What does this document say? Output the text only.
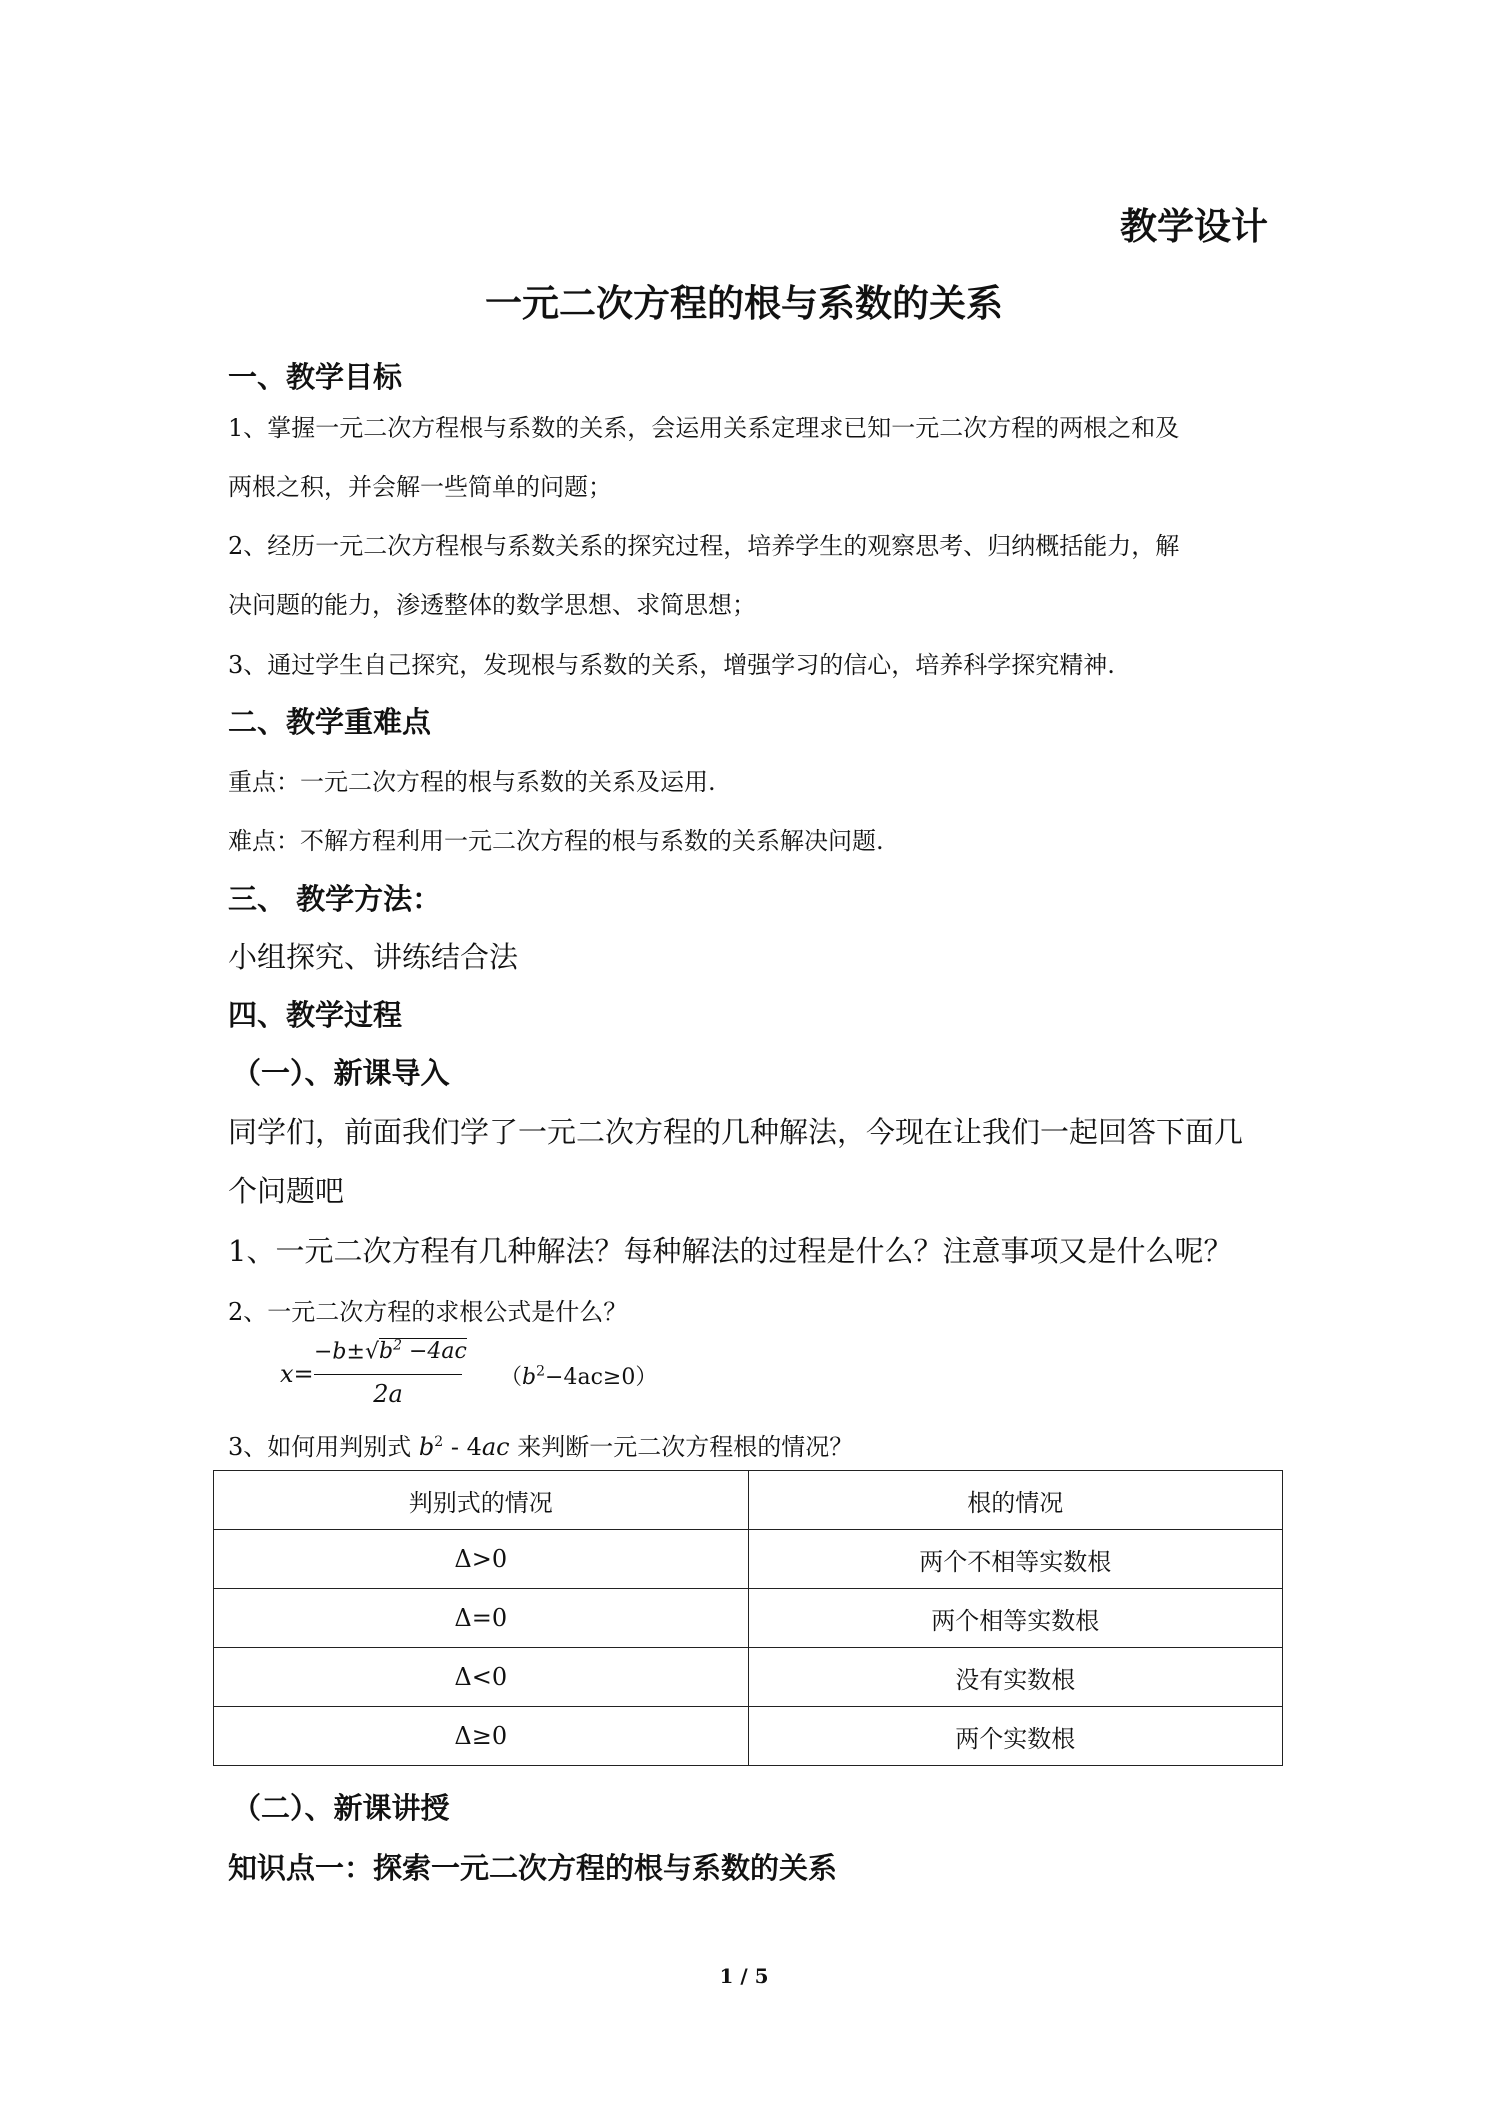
教学设计
一元二次方程的根与系数的关系
一、教学目标
1、掌握一元二次方程根与系数的关系，会运用关系定理求已知一元二次方程的两根之和及
两根之积，并会解一些简单的问题；
2、经历一元二次方程根与系数关系的探究过程，培养学生的观察思考、归纳概括能力，解
决问题的能力，渗透整体的数学思想、求简思想；
3、通过学生自己探究，发现根与系数的关系，增强学习的信心，培养科学探究精神.
二、教学重难点
重点：一元二次方程的根与系数的关系及运用.
难点：不解方程利用一元二次方程的根与系数的关系解决问题.
三、 教学方法：
小组探究、讲练结合法
四、教学过程
（一）、新课导入
同学们，前面我们学了一元二次方程的几种解法，今现在让我们一起回答下面几
个问题吧
1、一元二次方程有几种解法？每种解法的过程是什么？注意事项又是什么呢？
2、一元二次方程的求根公式是什么？
x=
$-b\pm√b^2 -4ac$
2a
$(b^2-4ac\ge 0)$
3、如何用判别式 $b^2 - 4ac$ 来判断一元二次方程根的情况？
判别式的情况	根的情况
Δ>0	两个不相等实数根
Δ=0	两个相等实数根
Δ<0	没有实数根
Δ≥0	两个实数根
（二）、新课讲授
知识点一：探索一元二次方程的根与系数的关系
1 / 5
